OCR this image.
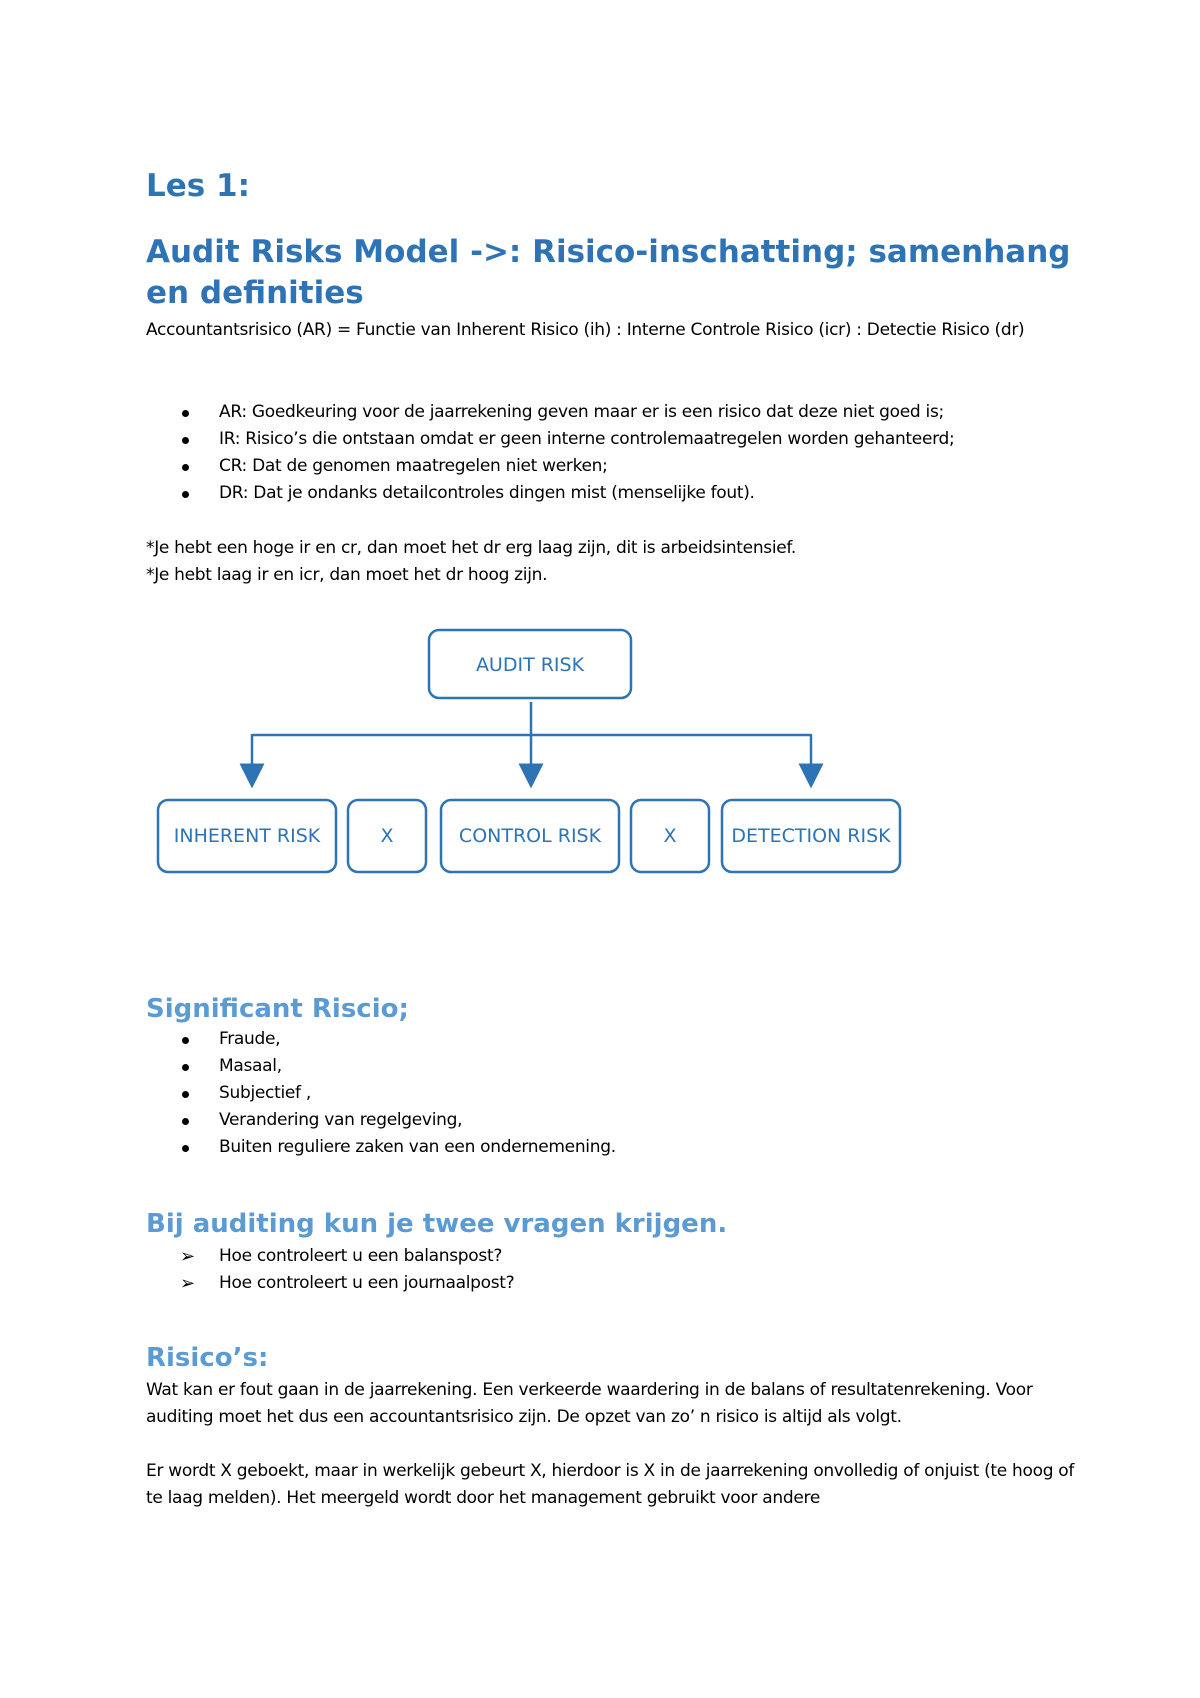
Les 1:
Audit Risks Model ->: Risico-inschatting; samenhang en definities

Accountantsrisico (AR) = Functie van Inherent Risico (ih) : Interne Controle Risico (icr) : Detectie Risico (dr)

AR: Goedkeuring voor de jaarrekening geven maar er is een risico dat deze niet goed is;
IR: Risico’s die ontstaan omdat er geen interne controlemaatregelen worden gehanteerd;
CR: Dat de genomen maatregelen niet werken;
DR: Dat je ondanks detailcontroles dingen mist (menselijke fout).
*Je hebt een hoge ir en cr, dan moet het dr erg laag zijn, dit is arbeidsintensief.
*Je hebt laag ir en icr, dan moet het dr hoog zijn.
AUDIT RISK
INHERENT RISK	X	CONTROL RISK	X	DETECTION RISK
Significant Riscio;
Fraude,
Masaal,
Subjectief ,
Verandering van regelgeving,
Buiten reguliere zaken van een ondernemening.
Bij auditing kun je twee vragen krijgen.
➢ Hoe controleert u een balanspost?
➢ Hoe controleert u een journaalpost?
Risico’s:

Wat kan er fout gaan in de jaarrekening. Een verkeerde waardering in de balans of resultatenrekening. Voor auditing moet het dus een accountantsrisico zijn. De opzet van zo’ n risico is altijd als volgt.

Er wordt X geboekt, maar in werkelijk gebeurt X, hierdoor is X in de jaarrekening onvolledig of onjuist (te hoog of te laag melden). Het meergeld wordt door het management gebruikt voor andere
